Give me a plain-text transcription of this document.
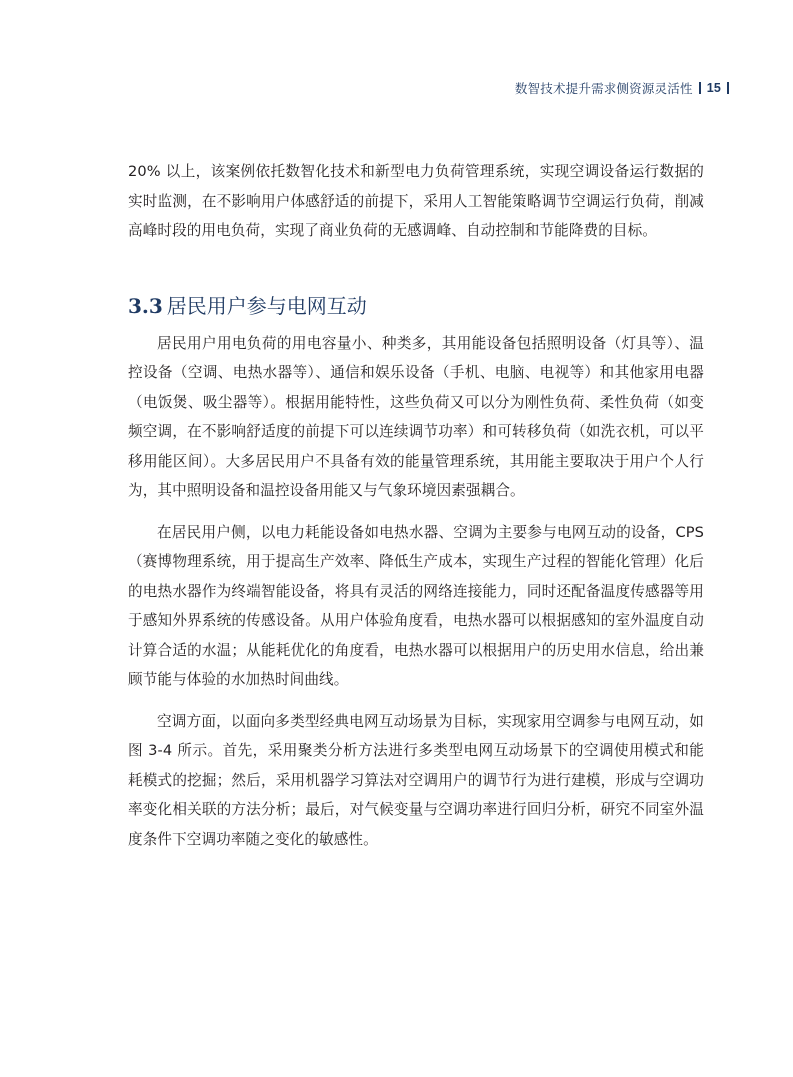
数智技术提升需求侧资源灵活性 15

20% 以上，该案例依托数智化技术和新型电力负荷管理系统，实现空调设备运行数据的实时监测，在不影响用户体感舒适的前提下，采用人工智能策略调节空调运行负荷，削减高峰时段的用电负荷，实现了商业负荷的无感调峰、自动控制和节能降费的目标。

3.3 居民用户参与电网互动

居民用户用电负荷的用电容量小、种类多，其用能设备包括照明设备（灯具等）、温控设备（空调、电热水器等）、通信和娱乐设备（手机、电脑、电视等）和其他家用电器（电饭煲、吸尘器等）。根据用能特性，这些负荷又可以分为刚性负荷、柔性负荷（如变频空调，在不影响舒适度的前提下可以连续调节功率）和可转移负荷（如洗衣机，可以平移用能区间）。大多居民用户不具备有效的能量管理系统，其用能主要取决于用户个人行为，其中照明设备和温控设备用能又与气象环境因素强耦合。

在居民用户侧，以电力耗能设备如电热水器、空调为主要参与电网互动的设备，CPS（赛博物理系统，用于提高生产效率、降低生产成本，实现生产过程的智能化管理）化后的电热水器作为终端智能设备，将具有灵活的网络连接能力，同时还配备温度传感器等用于感知外界系统的传感设备。从用户体验角度看，电热水器可以根据感知的室外温度自动计算合适的水温；从能耗优化的角度看，电热水器可以根据用户的历史用水信息，给出兼顾节能与体验的水加热时间曲线。

空调方面，以面向多类型经典电网互动场景为目标，实现家用空调参与电网互动，如图 3-4 所示。首先，采用聚类分析方法进行多类型电网互动场景下的空调使用模式和能耗模式的挖掘；然后，采用机器学习算法对空调用户的调节行为进行建模，形成与空调功率变化相关联的方法分析；最后，对气候变量与空调功率进行回归分析，研究不同室外温度条件下空调功率随之变化的敏感性。
